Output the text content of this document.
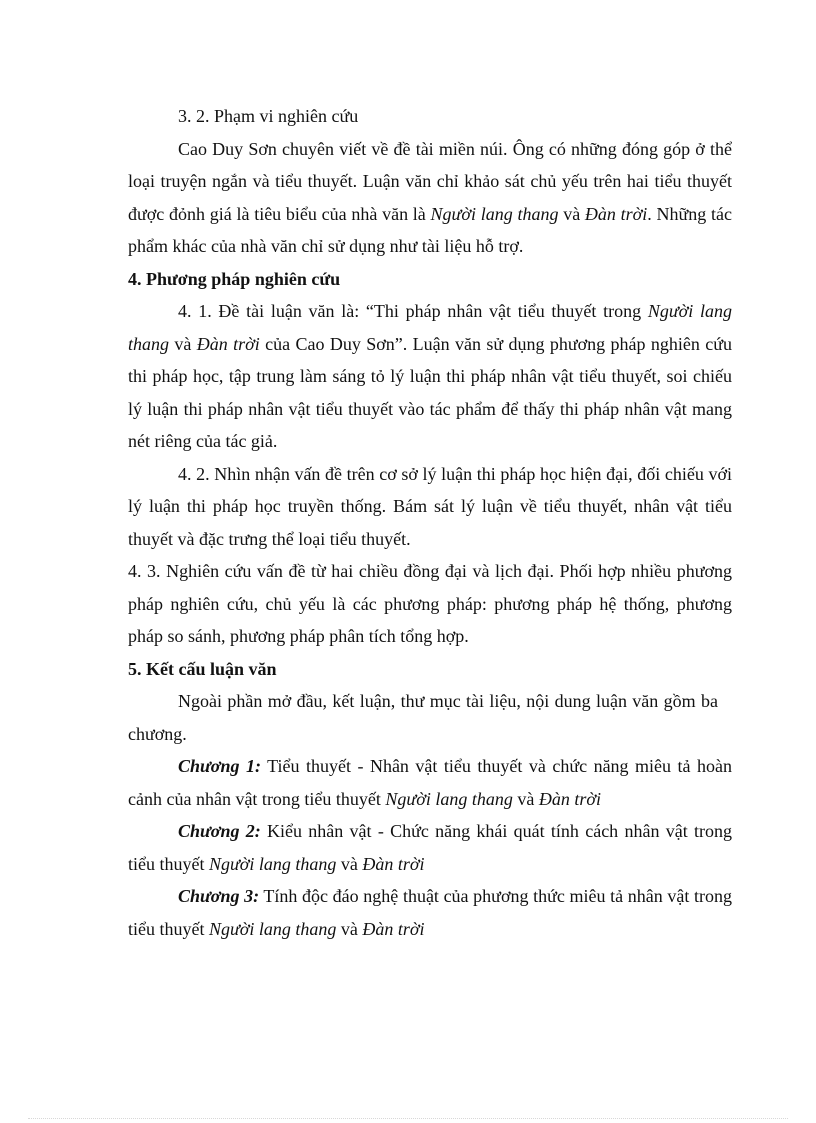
3. 2. Phạm vi nghiên cứu

Cao Duy Sơn chuyên viết về đề tài miền núi. Ông có những đóng góp ở thể loại truyện ngắn và tiểu thuyết. Luận văn chỉ khảo sát chủ yếu trên hai tiểu thuyết được đỏnh giá là tiêu biểu của nhà văn là Người lang thang và Đàn trời. Những tác phẩm khác của nhà văn chỉ sử dụng như tài liệu hỗ trợ.

4. Phương pháp nghiên cứu

4. 1. Đề tài luận văn là: “Thi pháp nhân vật tiểu thuyết trong Người lang thang và Đàn trời của Cao Duy Sơn”. Luận văn sử dụng phương pháp nghiên cứu thi pháp học, tập trung làm sáng tỏ lý luận thi pháp nhân vật tiểu thuyết, soi chiếu lý luận thi pháp nhân vật tiểu thuyết vào tác phẩm để thấy thi pháp nhân vật mang nét riêng của tác giả.

4. 2. Nhìn nhận vấn đề trên cơ sở lý luận thi pháp học hiện đại, đối chiếu với lý luận thi pháp học truyền thống. Bám sát lý luận về tiểu thuyết, nhân vật tiểu thuyết và đặc trưng thể loại tiểu thuyết.

4. 3. Nghiên cứu vấn đề từ hai chiều đồng đại và lịch đại. Phối hợp nhiều phương pháp nghiên cứu, chủ yếu là các phương pháp: phương pháp hệ thống, phương pháp so sánh, phương pháp phân tích tổng hợp.

5. Kết cấu luận văn

Ngoài phần mở đầu, kết luận, thư mục tài liệu, nội dung luận văn gồm ba chương.

Chương 1: Tiểu thuyết - Nhân vật tiểu thuyết và chức năng miêu tả hoàn cảnh của nhân vật trong tiểu thuyết Người lang thang và Đàn trời

Chương 2: Kiểu nhân vật - Chức năng khái quát tính cách nhân vật trong tiểu thuyết Người lang thang và Đàn trời

Chương 3: Tính độc đáo nghệ thuật của phương thức miêu tả nhân vật trong tiểu thuyết Người lang thang và Đàn trời
